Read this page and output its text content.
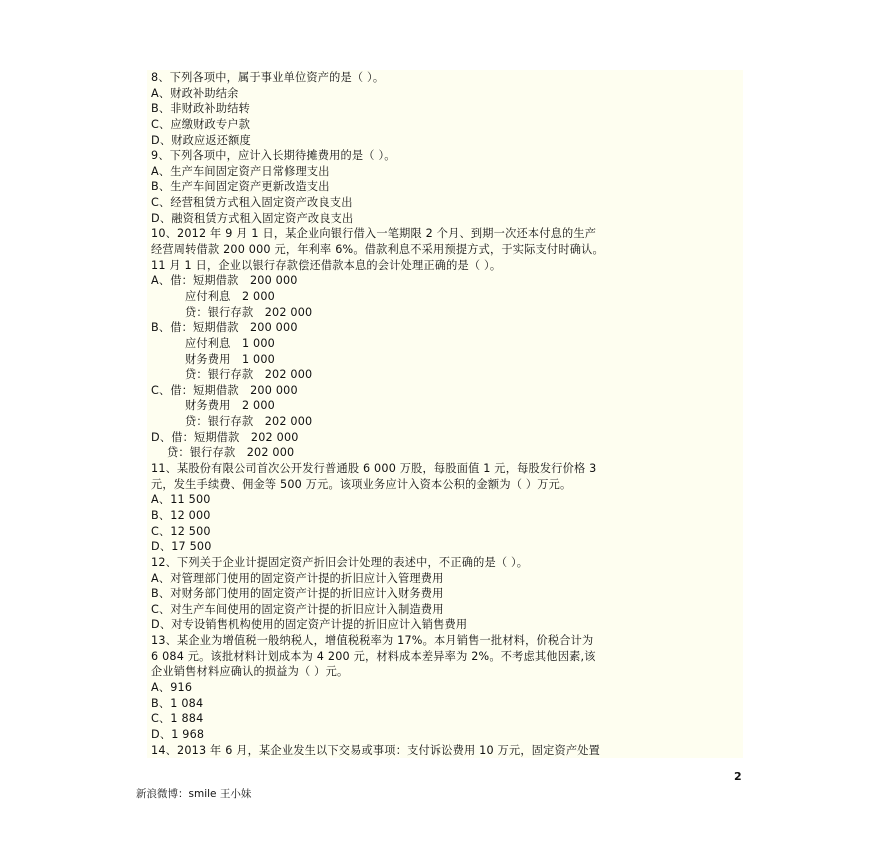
8、下列各项中，属于事业单位资产的是（ ）。
A、财政补助结余
B、非财政补助结转
C、应缴财政专户款
D、财政应返还额度
9、下列各项中，应计入长期待摊费用的是（ ）。
A、生产车间固定资产日常修理支出
B、生产车间固定资产更新改造支出
C、经营租赁方式租入固定资产改良支出
D、融资租赁方式租入固定资产改良支出
10、2012 年 9 月 1 日，某企业向银行借入一笔期限 2 个月、到期一次还本付息的生产
经营周转借款 200 000 元，年利率 6%。借款利息不采用预提方式，于实际支付时确认。
11 月 1 日，企业以银行存款偿还借款本息的会计处理正确的是（ ）。
A、借：短期借款　200 000
应付利息　2 000
贷：银行存款　202 000
B、借：短期借款　200 000
应付利息　1 000
财务费用　1 000
贷：银行存款　202 000
C、借：短期借款　200 000
财务费用　2 000
贷：银行存款　202 000
D、借：短期借款　202 000
贷：银行存款　202 000
11、某股份有限公司首次公开发行普通股 6 000 万股，每股面值 1 元，每股发行价格 3
元，发生手续费、佣金等 500 万元。该项业务应计入资本公积的金额为（ ）万元。
A、11 500
B、12 000
C、12 500
D、17 500
12、下列关于企业计提固定资产折旧会计处理的表述中，不正确的是（ ）。
A、对管理部门使用的固定资产计提的折旧应计入管理费用
B、对财务部门使用的固定资产计提的折旧应计入财务费用
C、对生产车间使用的固定资产计提的折旧应计入制造费用
D、对专设销售机构使用的固定资产计提的折旧应计入销售费用
13、某企业为增值税一般纳税人，增值税税率为 17%。本月销售一批材料，价税合计为
6 084 元。该批材料计划成本为 4 200 元，材料成本差异率为 2%。不考虑其他因素,该
企业销售材料应确认的损益为（ ）元。
A、916
B、1 084
C、1 884
D、1 968
14、2013 年 6 月，某企业发生以下交易或事项：支付诉讼费用 10 万元，固定资产处置
2
新浪微博：smile 王小妹
